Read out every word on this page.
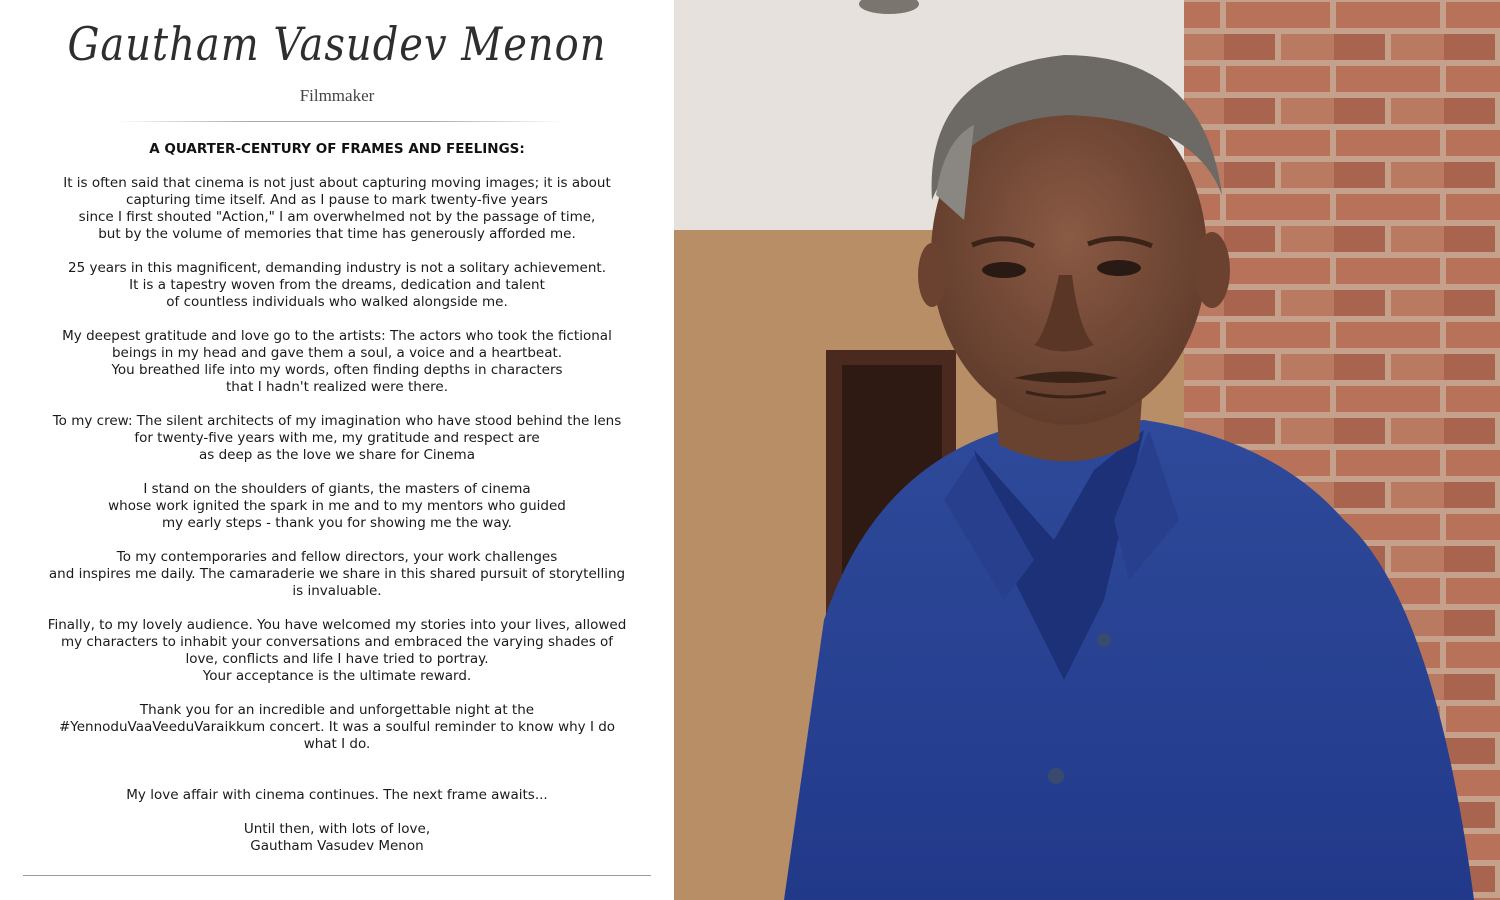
Gautham Vasudev Menon
Filmmaker
A QUARTER-CENTURY OF FRAMES AND FEELINGS:
It is often said that cinema is not just about capturing moving images; it is about
capturing time itself. And as I pause to mark twenty-five years
since I first shouted "Action," I am overwhelmed not by the passage of time,
but by the volume of memories that time has generously afforded me.
25 years in this magnificent, demanding industry is not a solitary achievement.
It is a tapestry woven from the dreams, dedication and talent
of countless individuals who walked alongside me.
My deepest gratitude and love go to the artists: The actors who took the fictional
beings in my head and gave them a soul, a voice and a heartbeat.
You breathed life into my words, often finding depths in characters
that I hadn't realized were there.
To my crew: The silent architects of my imagination who have stood behind the lens
for twenty-five years with me, my gratitude and respect are
as deep as the love we share for Cinema
I stand on the shoulders of giants, the masters of cinema
whose work ignited the spark in me and to my mentors who guided
my early steps - thank you for showing me the way.
To my contemporaries and fellow directors, your work challenges
and inspires me daily. The camaraderie we share in this shared pursuit of storytelling
is invaluable.
Finally, to my lovely audience. You have welcomed my stories into your lives, allowed
my characters to inhabit your conversations and embraced the varying shades of
love, conflicts and life I have tried to portray.
Your acceptance is the ultimate reward.
Thank you for an incredible and unforgettable night at the
#YennoduVaaVeeduVaraikkum concert. It was a soulful reminder to know why I do
what I do.
My love affair with cinema continues. The next frame awaits...
Until then, with lots of love,
Gautham Vasudev Menon
